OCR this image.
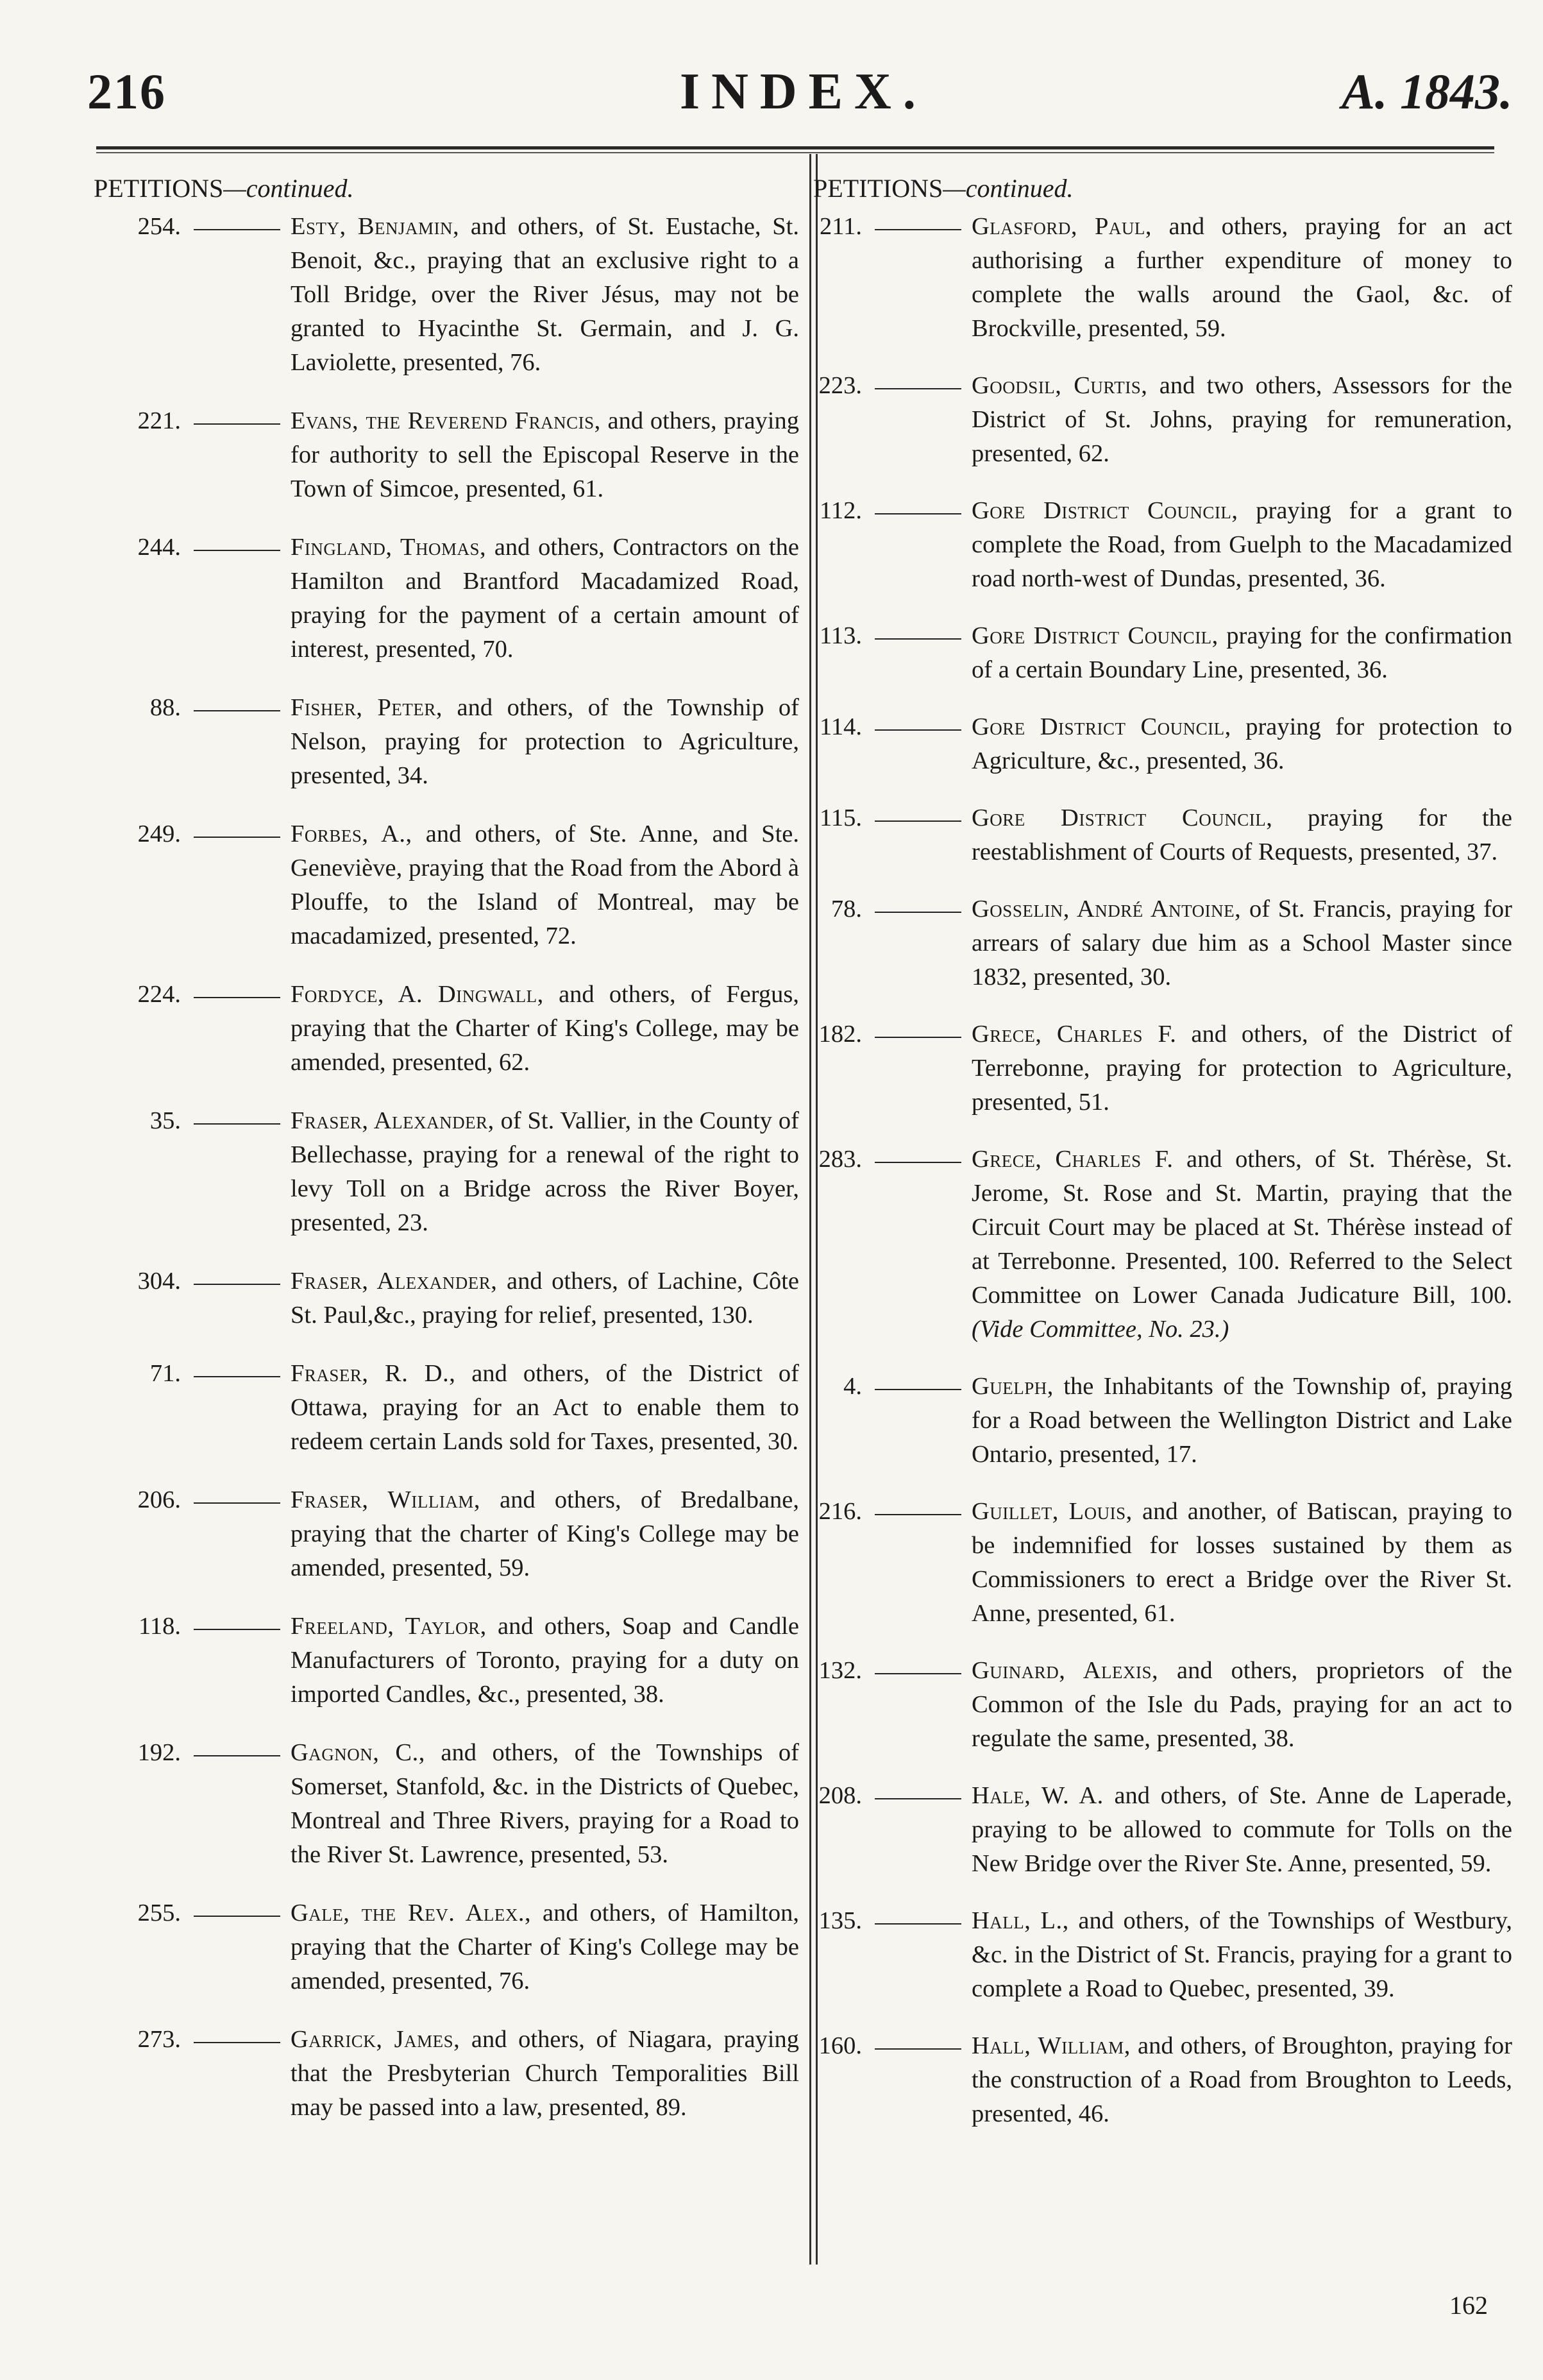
216	INDEX.	A. 1843.
PETITIONS—continued.
254.	Esty, Benjamin, and others, of St. Eustache, St. Benoit, &c., praying that an exclusive right to a Toll Bridge, over the River Jésus, may not be granted to Hyacinthe St. Germain, and J. G. Laviolette, presented, 76.
221.	Evans, the Reverend Francis, and others, praying for authority to sell the Episcopal Reserve in the Town of Simcoe, presented, 61.
244.	Fingland, Thomas, and others, Contractors on the Hamilton and Brantford Macadamized Road, praying for the payment of a certain amount of interest, presented, 70.
88.	Fisher, Peter, and others, of the Township of Nelson, praying for protection to Agriculture, presented, 34.
249.	Forbes, A., and others, of Ste. Anne, and Ste. Geneviève, praying that the Road from the Abord à Plouffe, to the Island of Montreal, may be macadamized, presented, 72.
224.	Fordyce, A. Dingwall, and others, of Fergus, praying that the Charter of King's College, may be amended, presented, 62.
35.	Fraser, Alexander, of St. Vallier, in the County of Bellechasse, praying for a renewal of the right to levy Toll on a Bridge across the River Boyer, presented, 23.
304.	Fraser, Alexander, and others, of Lachine, Côte St. Paul,&c., praying for relief, presented, 130.
71.	Fraser, R. D., and others, of the District of Ottawa, praying for an Act to enable them to redeem certain Lands sold for Taxes, presented, 30.
206.	Fraser, William, and others, of Bredalbane, praying that the charter of King's College may be amended, presented, 59.
118.	Freeland, Taylor, and others, Soap and Candle Manufacturers of Toronto, praying for a duty on imported Candles, &c., presented, 38.
192.	Gagnon, C., and others, of the Townships of Somerset, Stanfold, &c. in the Districts of Quebec, Montreal and Three Rivers, praying for a Road to the River St. Lawrence, presented, 53.
255.	Gale, the Rev. Alex., and others, of Hamilton, praying that the Charter of King's College may be amended, presented, 76.
273.	Garrick, James, and others, of Niagara, praying that the Presbyterian Church Temporalities Bill may be passed into a law, presented, 89.
PETITIONS—continued.
211.	Glasford, Paul, and others, praying for an act authorising a further expenditure of money to complete the walls around the Gaol, &c. of Brockville, presented, 59.
223.	Goodsil, Curtis, and two others, Assessors for the District of St. Johns, praying for remuneration, presented, 62.
112.	Gore District Council, praying for a grant to complete the Road, from Guelph to the Macadamized road north-west of Dundas, presented, 36.
113.	Gore District Council, praying for the confirmation of a certain Boundary Line, presented, 36.
114.	Gore District Council, praying for protection to Agriculture, &c., presented, 36.
115.	Gore District Council, praying for the reestablishment of Courts of Requests, presented, 37.
78.	Gosselin, André Antoine, of St. Francis, praying for arrears of salary due him as a School Master since 1832, presented, 30.
182.	Grece, Charles F. and others, of the District of Terrebonne, praying for protection to Agriculture, presented, 51.
283.	Grece, Charles F. and others, of St. Thérèse, St. Jerome, St. Rose and St. Martin, praying that the Circuit Court may be placed at St. Thérèse instead of at Terrebonne. Presented, 100. Referred to the Select Committee on Lower Canada Judicature Bill, 100. (Vide Committee, No. 23.)
4.	Guelph, the Inhabitants of the Township of, praying for a Road between the Wellington District and Lake Ontario, presented, 17.
216.	Guillet, Louis, and another, of Batiscan, praying to be indemnified for losses sustained by them as Commissioners to erect a Bridge over the River St. Anne, presented, 61.
132.	Guinard, Alexis, and others, proprietors of the Common of the Isle du Pads, praying for an act to regulate the same, presented, 38.
208.	Hale, W. A. and others, of Ste. Anne de Laperade, praying to be allowed to commute for Tolls on the New Bridge over the River Ste. Anne, presented, 59.
135.	Hall, L., and others, of the Townships of Westbury, &c. in the District of St. Francis, praying for a grant to complete a Road to Quebec, presented, 39.
160.	Hall, William, and others, of Broughton, praying for the construction of a Road from Broughton to Leeds, presented, 46.
162
